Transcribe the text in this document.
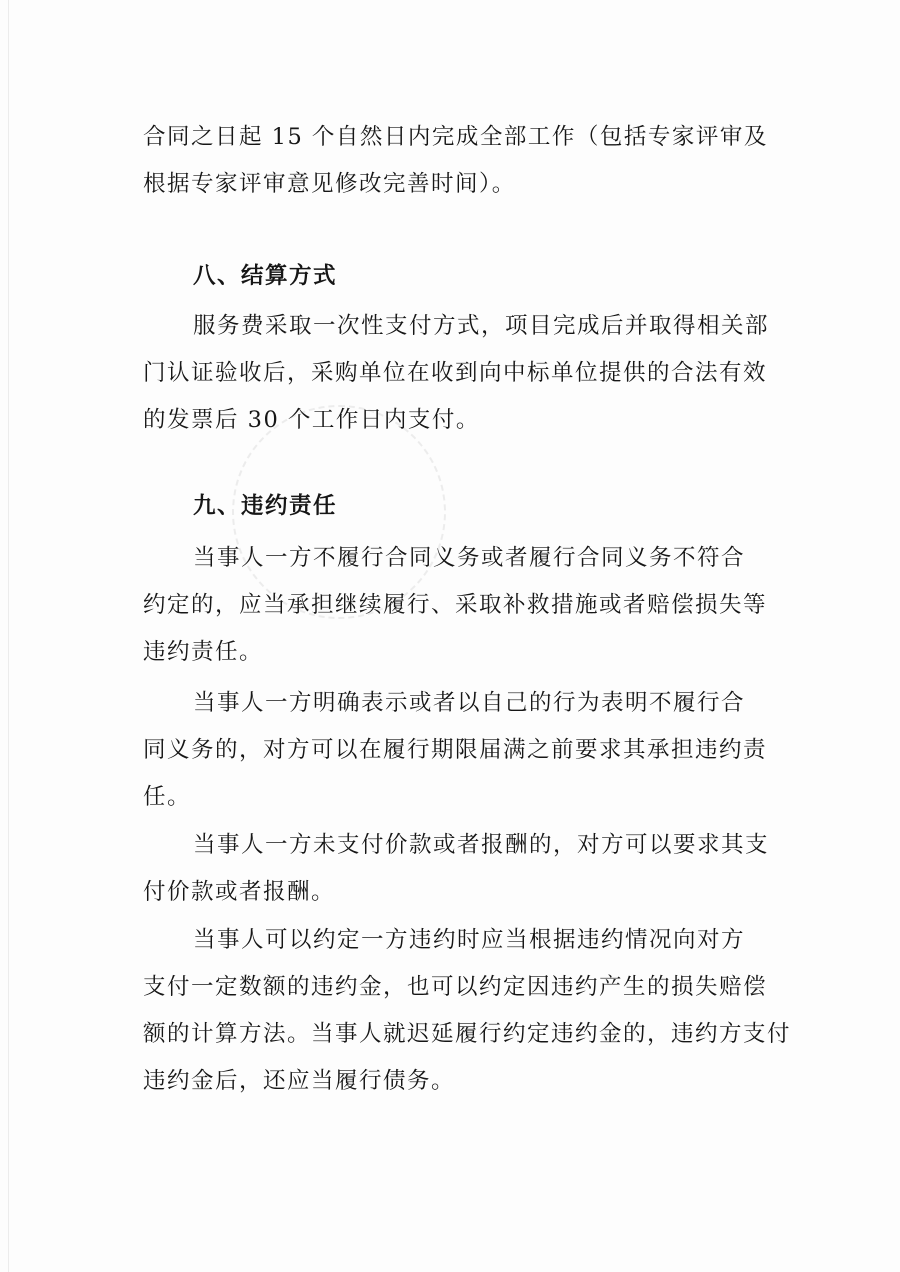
合同之日起 15 个自然日内完成全部工作（包括专家评审及
根据专家评审意见修改完善时间）。

八、结算方式

服务费采取一次性支付方式，项目完成后并取得相关部
门认证验收后，采购单位在收到向中标单位提供的合法有效
的发票后 30 个工作日内支付。

九、违约责任

当事人一方不履行合同义务或者履行合同义务不符合
约定的，应当承担继续履行、采取补救措施或者赔偿损失等
违约责任。

当事人一方明确表示或者以自己的行为表明不履行合
同义务的，对方可以在履行期限届满之前要求其承担违约责
任。

当事人一方未支付价款或者报酬的，对方可以要求其支
付价款或者报酬。

当事人可以约定一方违约时应当根据违约情况向对方
支付一定数额的违约金，也可以约定因违约产生的损失赔偿
额的计算方法。当事人就迟延履行约定违约金的，违约方支付
违约金后，还应当履行债务。
